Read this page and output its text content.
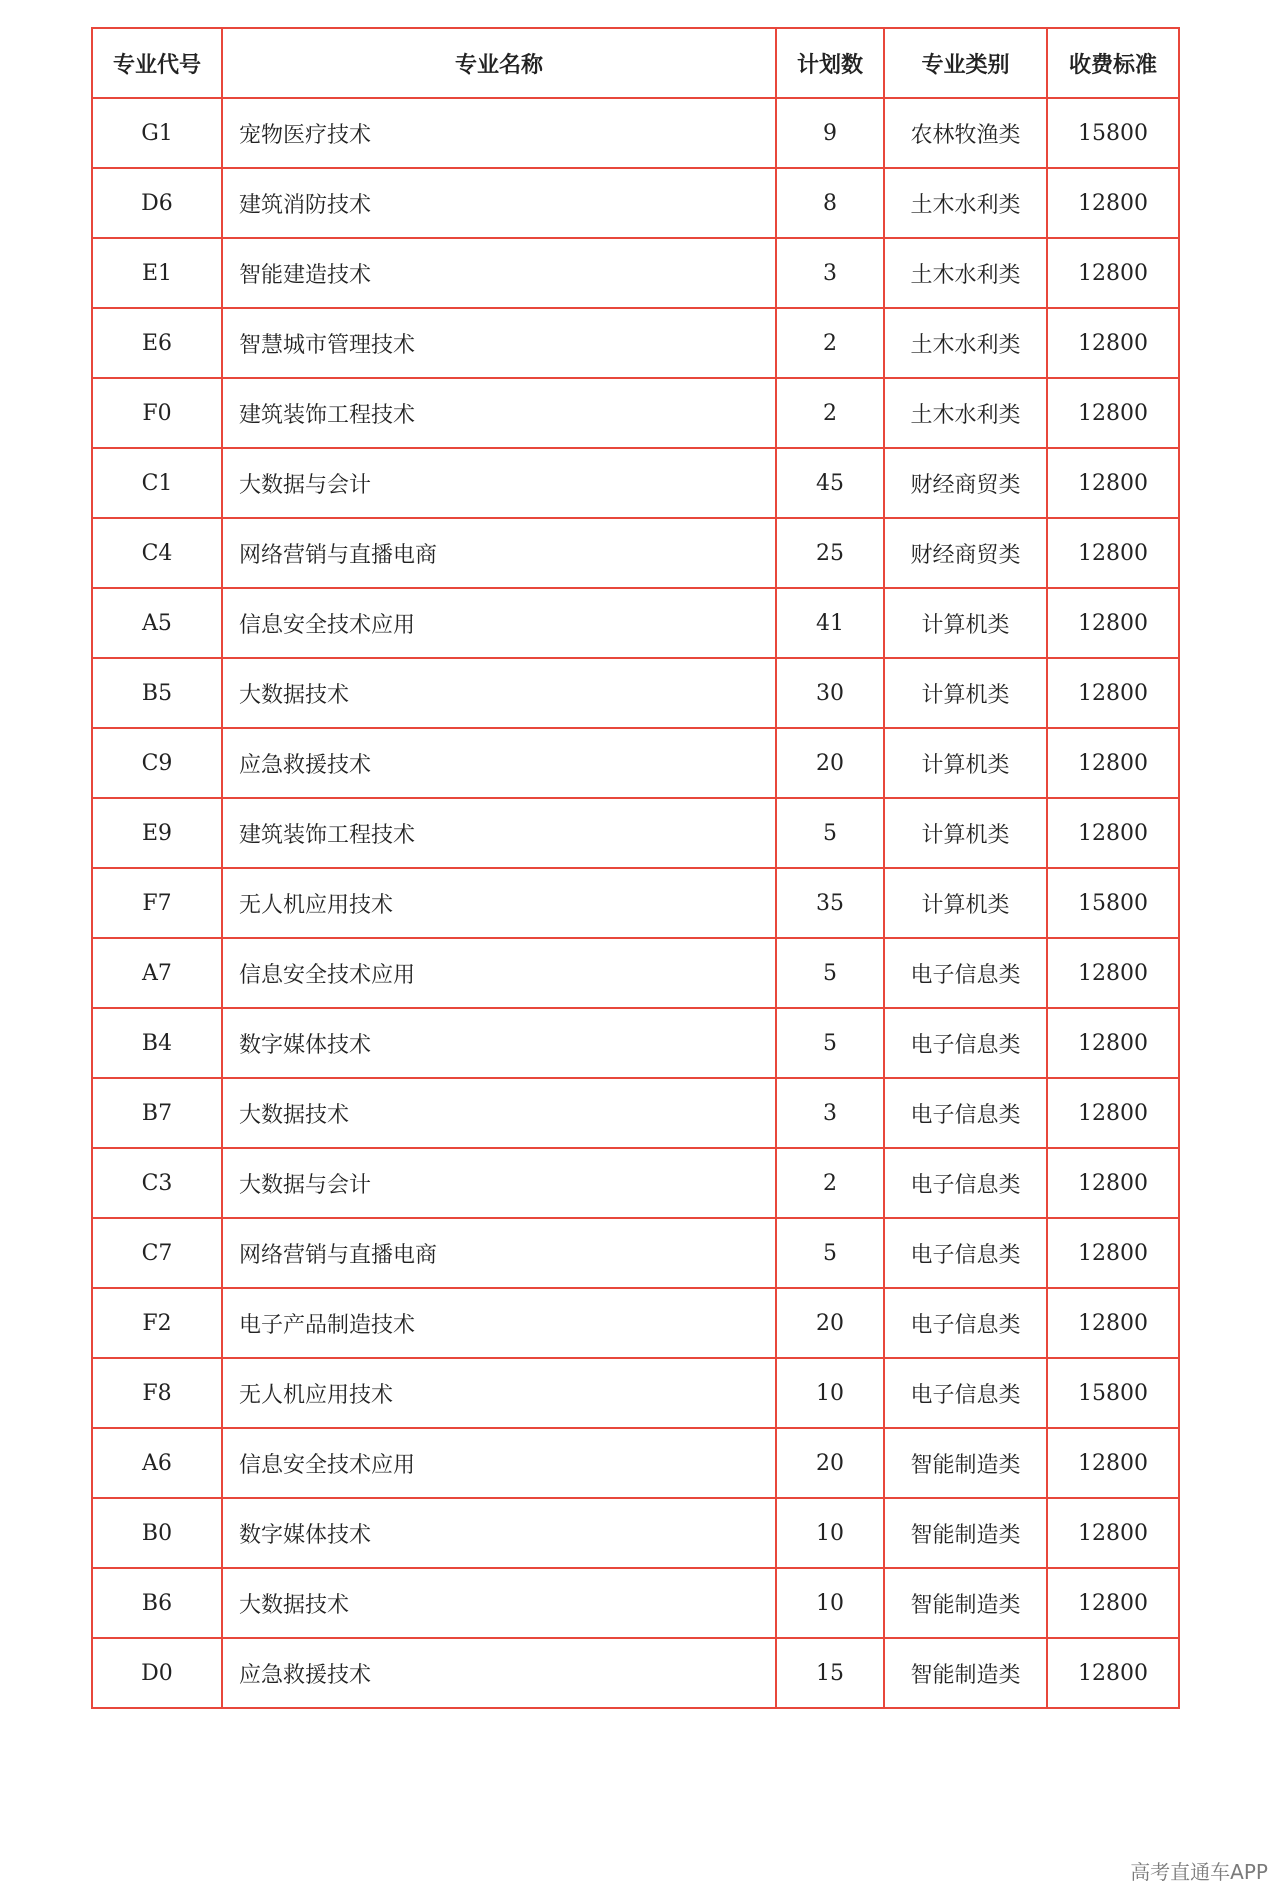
专业代号	专业名称	计划数	专业类别	收费标准
G1	宠物医疗技术	9	农林牧渔类	15800
D6	建筑消防技术	8	土木水利类	12800
E1	智能建造技术	3	土木水利类	12800
E6	智慧城市管理技术	2	土木水利类	12800
F0	建筑装饰工程技术	2	土木水利类	12800
C1	大数据与会计	45	财经商贸类	12800
C4	网络营销与直播电商	25	财经商贸类	12800
A5	信息安全技术应用	41	计算机类	12800
B5	大数据技术	30	计算机类	12800
C9	应急救援技术	20	计算机类	12800
E9	建筑装饰工程技术	5	计算机类	12800
F7	无人机应用技术	35	计算机类	15800
A7	信息安全技术应用	5	电子信息类	12800
B4	数字媒体技术	5	电子信息类	12800
B7	大数据技术	3	电子信息类	12800
C3	大数据与会计	2	电子信息类	12800
C7	网络营销与直播电商	5	电子信息类	12800
F2	电子产品制造技术	20	电子信息类	12800
F8	无人机应用技术	10	电子信息类	15800
A6	信息安全技术应用	20	智能制造类	12800
B0	数字媒体技术	10	智能制造类	12800
B6	大数据技术	10	智能制造类	12800
D0	应急救援技术	15	智能制造类	12800
高考直通车APP
